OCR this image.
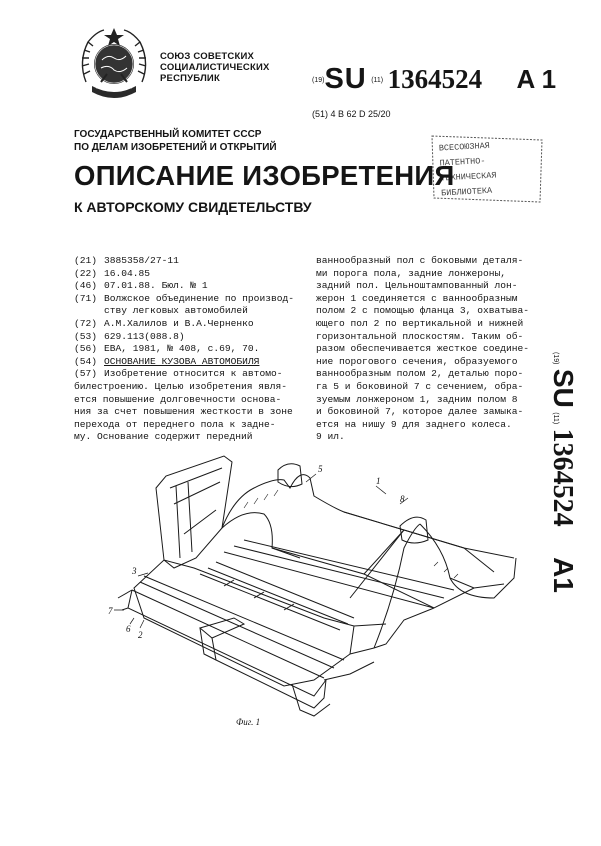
СОЮЗ СОВЕТСКИХ
СОЦИАЛИСТИЧЕСКИХ
РЕСПУБЛИК	(19)SU (11) 1364524 A 1
(51) 4 B 62 D 25/20
ВСЕСОЮЗНАЯ
ПАТЕНТНО-
ТЕХНИЧЕСКАЯ
БИБЛИОТЕКА
ГОСУДАРСТВЕННЫЙ КОМИТЕТ СССР
ПО ДЕЛАМ ИЗОБРЕТЕНИЙ И ОТКРЫТИЙ
ОПИСАНИЕ ИЗОБРЕТЕНИЯ
К АВТОРСКОМУ СВИДЕТЕЛЬСТВУ
(21) 3885358/27-11
(22) 16.04.85
(46) 07.01.88. Бюл. № 1
(71) Волжское объединение по производ-
ству легковых автомобилей
(72) А.М.Халилов и В.А.Черненко
(53) 629.113(088.8)
(56) ЕВА, 1981, № 408, с.69, 70.
(54) ОСНОВАНИЕ КУЗОВА АВТОМОБИЛЯ
(57) Изобретение относится к автомо-
билестроению. Целью изобретения явля-
ется повышение долговечности основа-
ния за счет повышения жесткости в зоне
перехода от переднего пола к задне-
му. Основание содержит передний
ваннообразный пол с боковыми деталя-
ми порога пола, задние лонжероны,
задний пол. Цельноштампованный лон-
жерон 1 соединяется с ваннообразным
полом 2 с помощью фланца 3, охватыва-
ющего пол 2 по вертикальной и нижней
горизонтальной плоскостям. Таким об-
разом обеспечивается жесткое соедине-
ние порогового сечения, образуемого
ваннообразным полом 2, деталью поро-
га 5 и боковиной 7 с сечением, обра-
зуемым лонжероном 1, задним полом 8
и боковиной 7, которое далее замыка-
ется на нишу 9 для заднего колеса.
9 ил.
(19) SU (11) 1364524 A1
3
7
6
2
5
1
8
Фиг. 1
